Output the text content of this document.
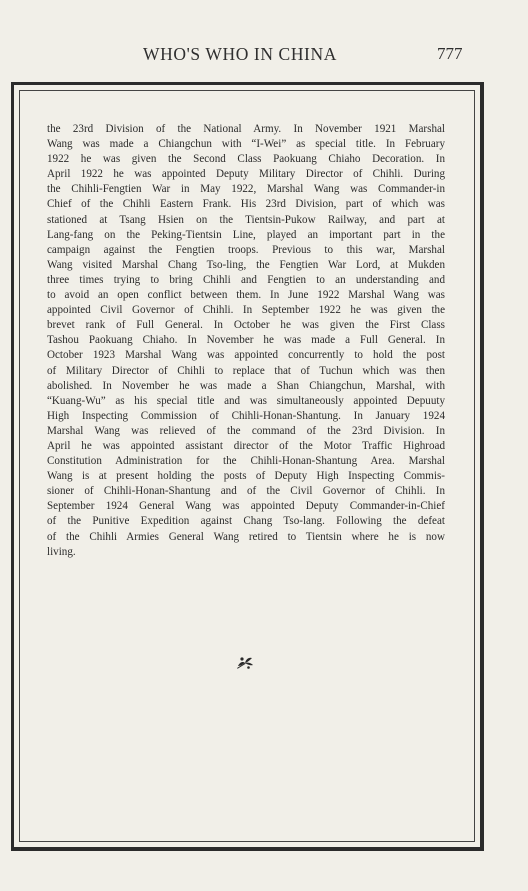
WHO'S WHO IN CHINA	777
the 23rd Division of the National Army. In November 1921 Marshal
Wang was made a Chiangchun with “I-Wei” as special title. In February
1922 he was given the Second Class Paokuang Chiaho Decoration. In
April 1922 he was appointed Deputy Military Director of Chihli. During
the Chihli-Fengtien War in May 1922, Marshal Wang was Commander-in
Chief of the Chihli Eastern Frank. His 23rd Division, part of which was
stationed at Tsang Hsien on the Tientsin-Pukow Railway, and part at
Lang-fang on the Peking-Tientsin Line, played an important part in the
campaign against the Fengtien troops. Previous to this war, Marshal
Wang visited Marshal Chang Tso-ling, the Fengtien War Lord, at Mukden
three times trying to bring Chihli and Fengtien to an understanding and
to avoid an open conflict between them. In June 1922 Marshal Wang was
appointed Civil Governor of Chihli. In September 1922 he was given the
brevet rank of Full General. In October he was given the First Class
Tashou Paokuang Chiaho. In November he was made a Full General. In
October 1923 Marshal Wang was appointed concurrently to hold the post
of Military Director of Chihli to replace that of Tuchun which was then
abolished. In November he was made a Shan Chiangchun, Marshal, with
“Kuang-Wu” as his special title and was simultaneously appointed Depuuty
High Inspecting Commission of Chihli-Honan-Shantung. In January 1924
Marshal Wang was relieved of the command of the 23rd Division. In
April he was appointed assistant director of the Motor Traffic Highroad
Constitution Administration for the Chihli-Honan-Shantung Area. Marshal
Wang is at present holding the posts of Deputy High Inspecting Commis-
sioner of Chihli-Honan-Shantung and of the Civil Governor of Chihli. In
September 1924 General Wang was appointed Deputy Commander-in-Chief
of the Punitive Expedition against Chang Tso-lang. Following the defeat
of the Chihli Armies General Wang retired to Tientsin where he is now
living.
